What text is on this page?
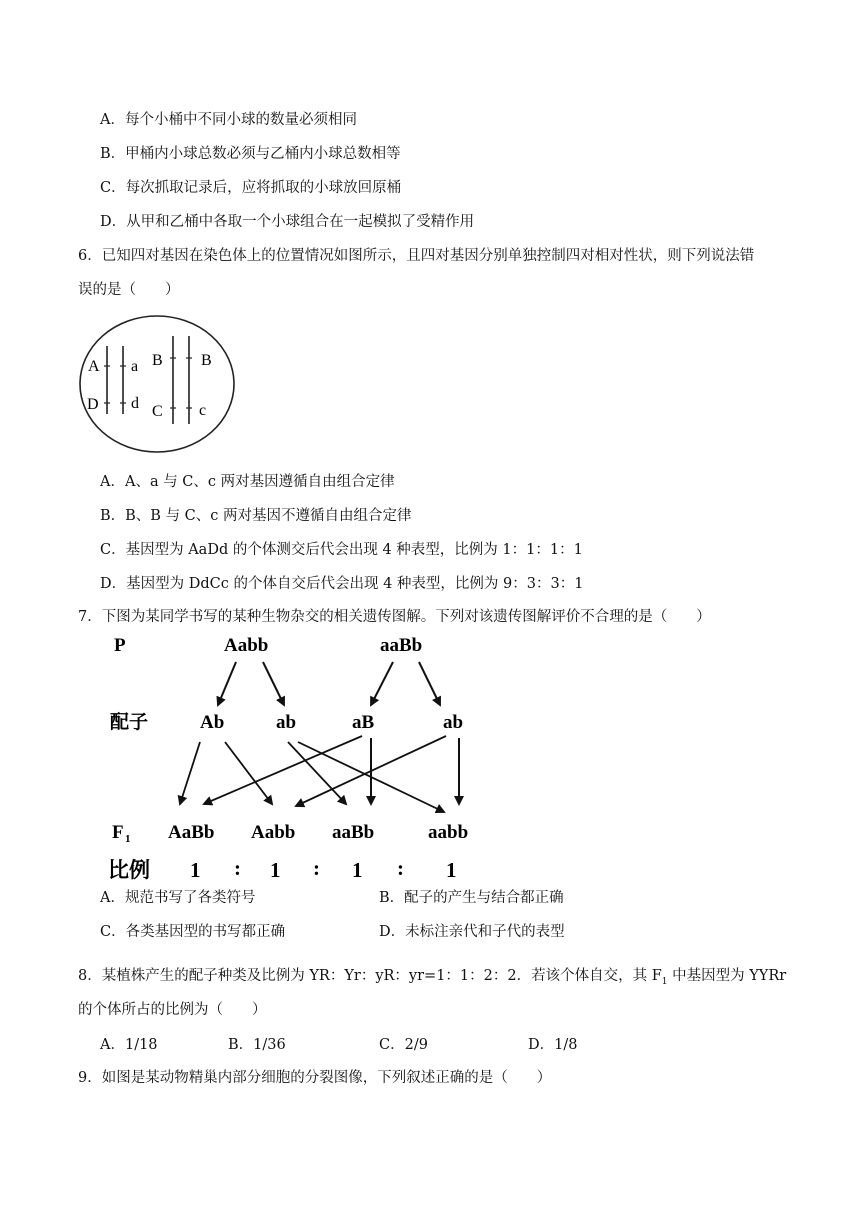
A．每个小桶中不同小球的数量必须相同
B．甲桶内小球总数必须与乙桶内小球总数相等
C．每次抓取记录后，应将抓取的小球放回原桶
D．从甲和乙桶中各取一个小球组合在一起模拟了受精作用
6．已知四对基因在染色体上的位置情况如图所示，且四对基因分别单独控制四对相对性状，则下列说法错
误的是（　　）
A a B B
D d C c
A．A、a 与 C、c 两对基因遵循自由组合定律
B．B、B 与 C、c 两对基因不遵循自由组合定律
C．基因型为 AaDd 的个体测交后代会出现 4 种表型，比例为 1：1：1：1
D．基因型为 DdCc 的个体自交后代会出现 4 种表型，比例为 9：3：3：1
7．下图为某同学书写的某种生物杂交的相关遗传图解。下列对该遗传图解评价不合理的是（　　）
P	Aabb	aaBb
配子	Ab	ab	aB	ab
F 1 AaBb Aabb aaBb	aabb
比例 1 : 1 : 1 : 1
A．规范书写了各类符号	B．配子的产生与结合都正确
C．各类基因型的书写都正确	D．未标注亲代和子代的表型
8．某植株产生的配子种类及比例为 YR：Yr：yR：yr=1：1：2：2．若该个体自交，其 $F_1$ 中基因型为 YYRr
的个体所占的比例为（　　）
A．1/18	B．1/36	C．2/9	D．1/8
9．如图是某动物精巢内部分细胞的分裂图像，下列叙述正确的是（　　）
